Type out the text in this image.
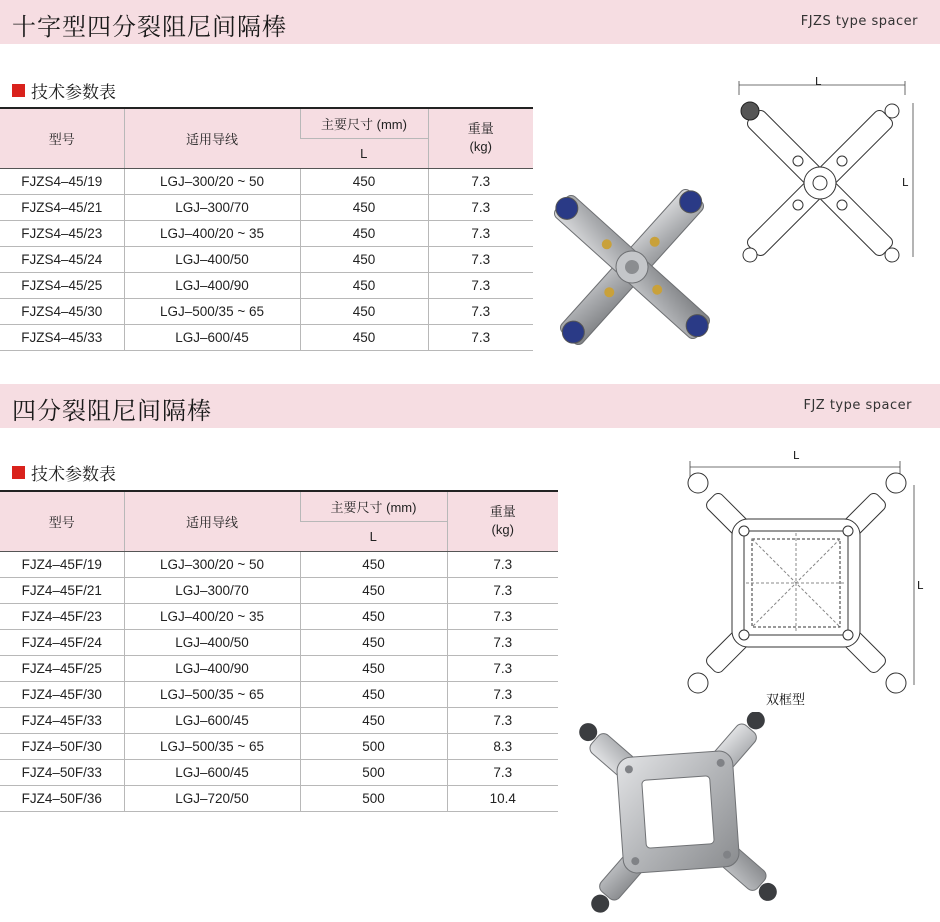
十字型四分裂阻尼间隔棒	FJZS type spacer
技术参数表
型号	适用导线	主要尺寸 (mm)	重量
(kg)
		L	
FJZS4–45/19	LGJ–300/20 ~ 50	450	7.3
FJZS4–45/21	LGJ–300/70	450	7.3
FJZS4–45/23	LGJ–400/20 ~ 35	450	7.3
FJZS4–45/24	LGJ–400/50	450	7.3
FJZS4–45/25	LGJ–400/90	450	7.3
FJZS4–45/30	LGJ–500/35 ~ 65	450	7.3
FJZS4–45/33	LGJ–600/45	450	7.3
L
L
四分裂阻尼间隔棒	FJZ type spacer
技术参数表
型号	适用导线	主要尺寸 (mm)	重量
(kg)
		L	
FJZ4–45F/19	LGJ–300/20 ~ 50	450	7.3
FJZ4–45F/21	LGJ–300/70	450	7.3
FJZ4–45F/23	LGJ–400/20 ~ 35	450	7.3
FJZ4–45F/24	LGJ–400/50	450	7.3
FJZ4–45F/25	LGJ–400/90	450	7.3
FJZ4–45F/30	LGJ–500/35 ~ 65	450	7.3
FJZ4–45F/33	LGJ–600/45	450	7.3
FJZ4–50F/30	LGJ–500/35 ~ 65	500	8.3
FJZ4–50F/33	LGJ–600/45	500	7.3
FJZ4–50F/36	LGJ–720/50	500	10.4
L
L
双框型
